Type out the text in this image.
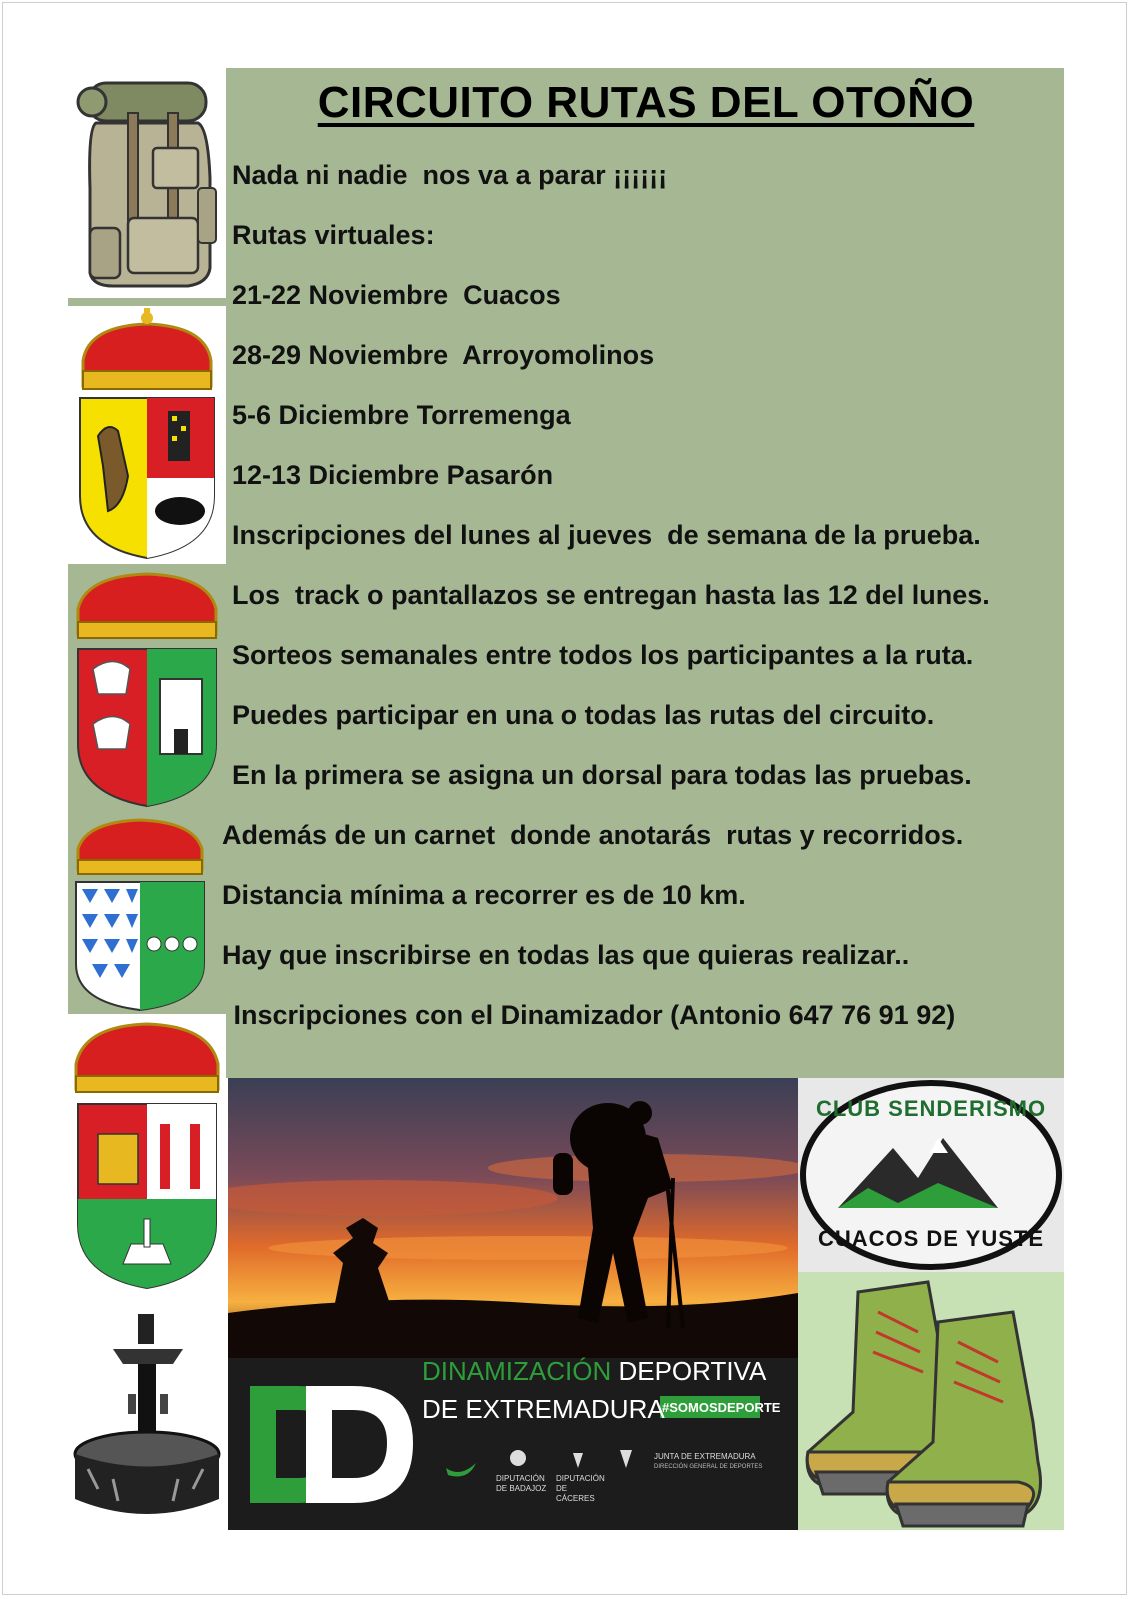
CIRCUITO RUTAS DEL OTOÑO
Nada ni nadie  nos va a parar ¡¡¡¡¡¡
Rutas virtuales:
21-22 Noviembre  Cuacos
28-29 Noviembre  Arroyomolinos
5-6 Diciembre Torremenga
12-13 Diciembre Pasarón
Inscripciones del lunes al jueves  de semana de la prueba.
Los  track o pantallazos se entregan hasta las 12 del lunes.
Sorteos semanales entre todos los participantes a la ruta.
Puedes participar en una o todas las rutas del circuito.
En la primera se asigna un dorsal para todas las pruebas.
Además de un carnet  donde anotarás  rutas y recorridos.
Distancia mínima a recorrer es de 10 km.
Hay que inscribirse en todas las que quieras realizar..
Inscripciones con el Dinamizador (Antonio 647 76 91 92)
DINAMIZACIÓN DEPORTIVA
DE EXTREMADURA
#SOMOSDEPORTE
DIPUTACIÓN DE BADAJOZ
DIPUTACIÓN DE CÁCERES
JUNTA DE EXTREMADURA
DIRECCIÓN GENERAL DE DEPORTES
CLUB SENDERISMO
CUACOS DE YUSTE
